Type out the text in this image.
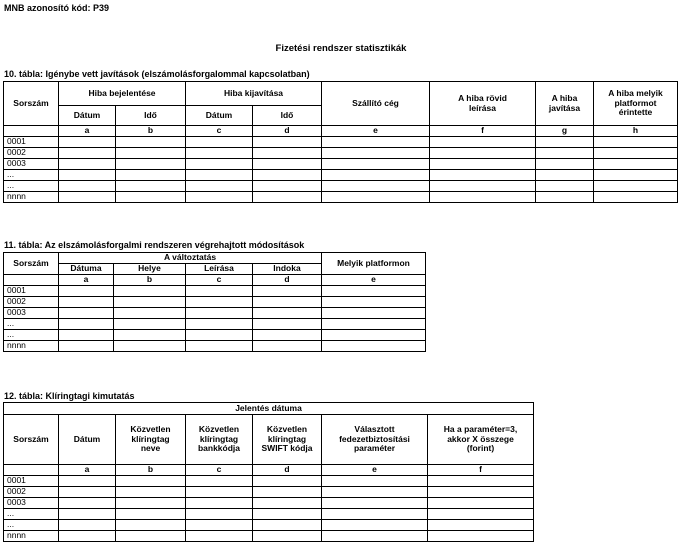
MNB azonosító kód: P39
Fizetési rendszer statisztikák
10. tábla: Igénybe vett javítások (elszámolásforgalommal kapcsolatban)
Sorszám	Hiba bejelentése		Hiba kijavítása		Szállító cég	A hiba rövid leírása	A hiba javítása	A hiba melyik platformot érintette
	Dátum	Idő	Dátum	Idő				
	a	b	c	d	e	f	g	h
0001								
0002								
0003								
...								
...								
nnnn								
11. tábla: Az elszámolásforgalmi rendszeren végrehajtott módosítások
Sorszám	A változtatás				Melyik platformon
	Dátuma	Helye	Leírása	Indoka	
	a	b	c	d	e
0001					
0002					
0003					
...					
...					
nnnn					
12. tábla: Klíringtagi kimutatás
Jelentés dátuma						
Sorszám	Dátum	Közvetlen klíringtag neve	Közvetlen klíringtag bankkódja	Közvetlen klíringtag SWIFT kódja	Választott fedezetbiztosítási paraméter	Ha a paraméter=3, akkor X összege (forint)
	a	b	c	d	e	f
0001						
0002						
0003						
...						
...						
nnnn						
